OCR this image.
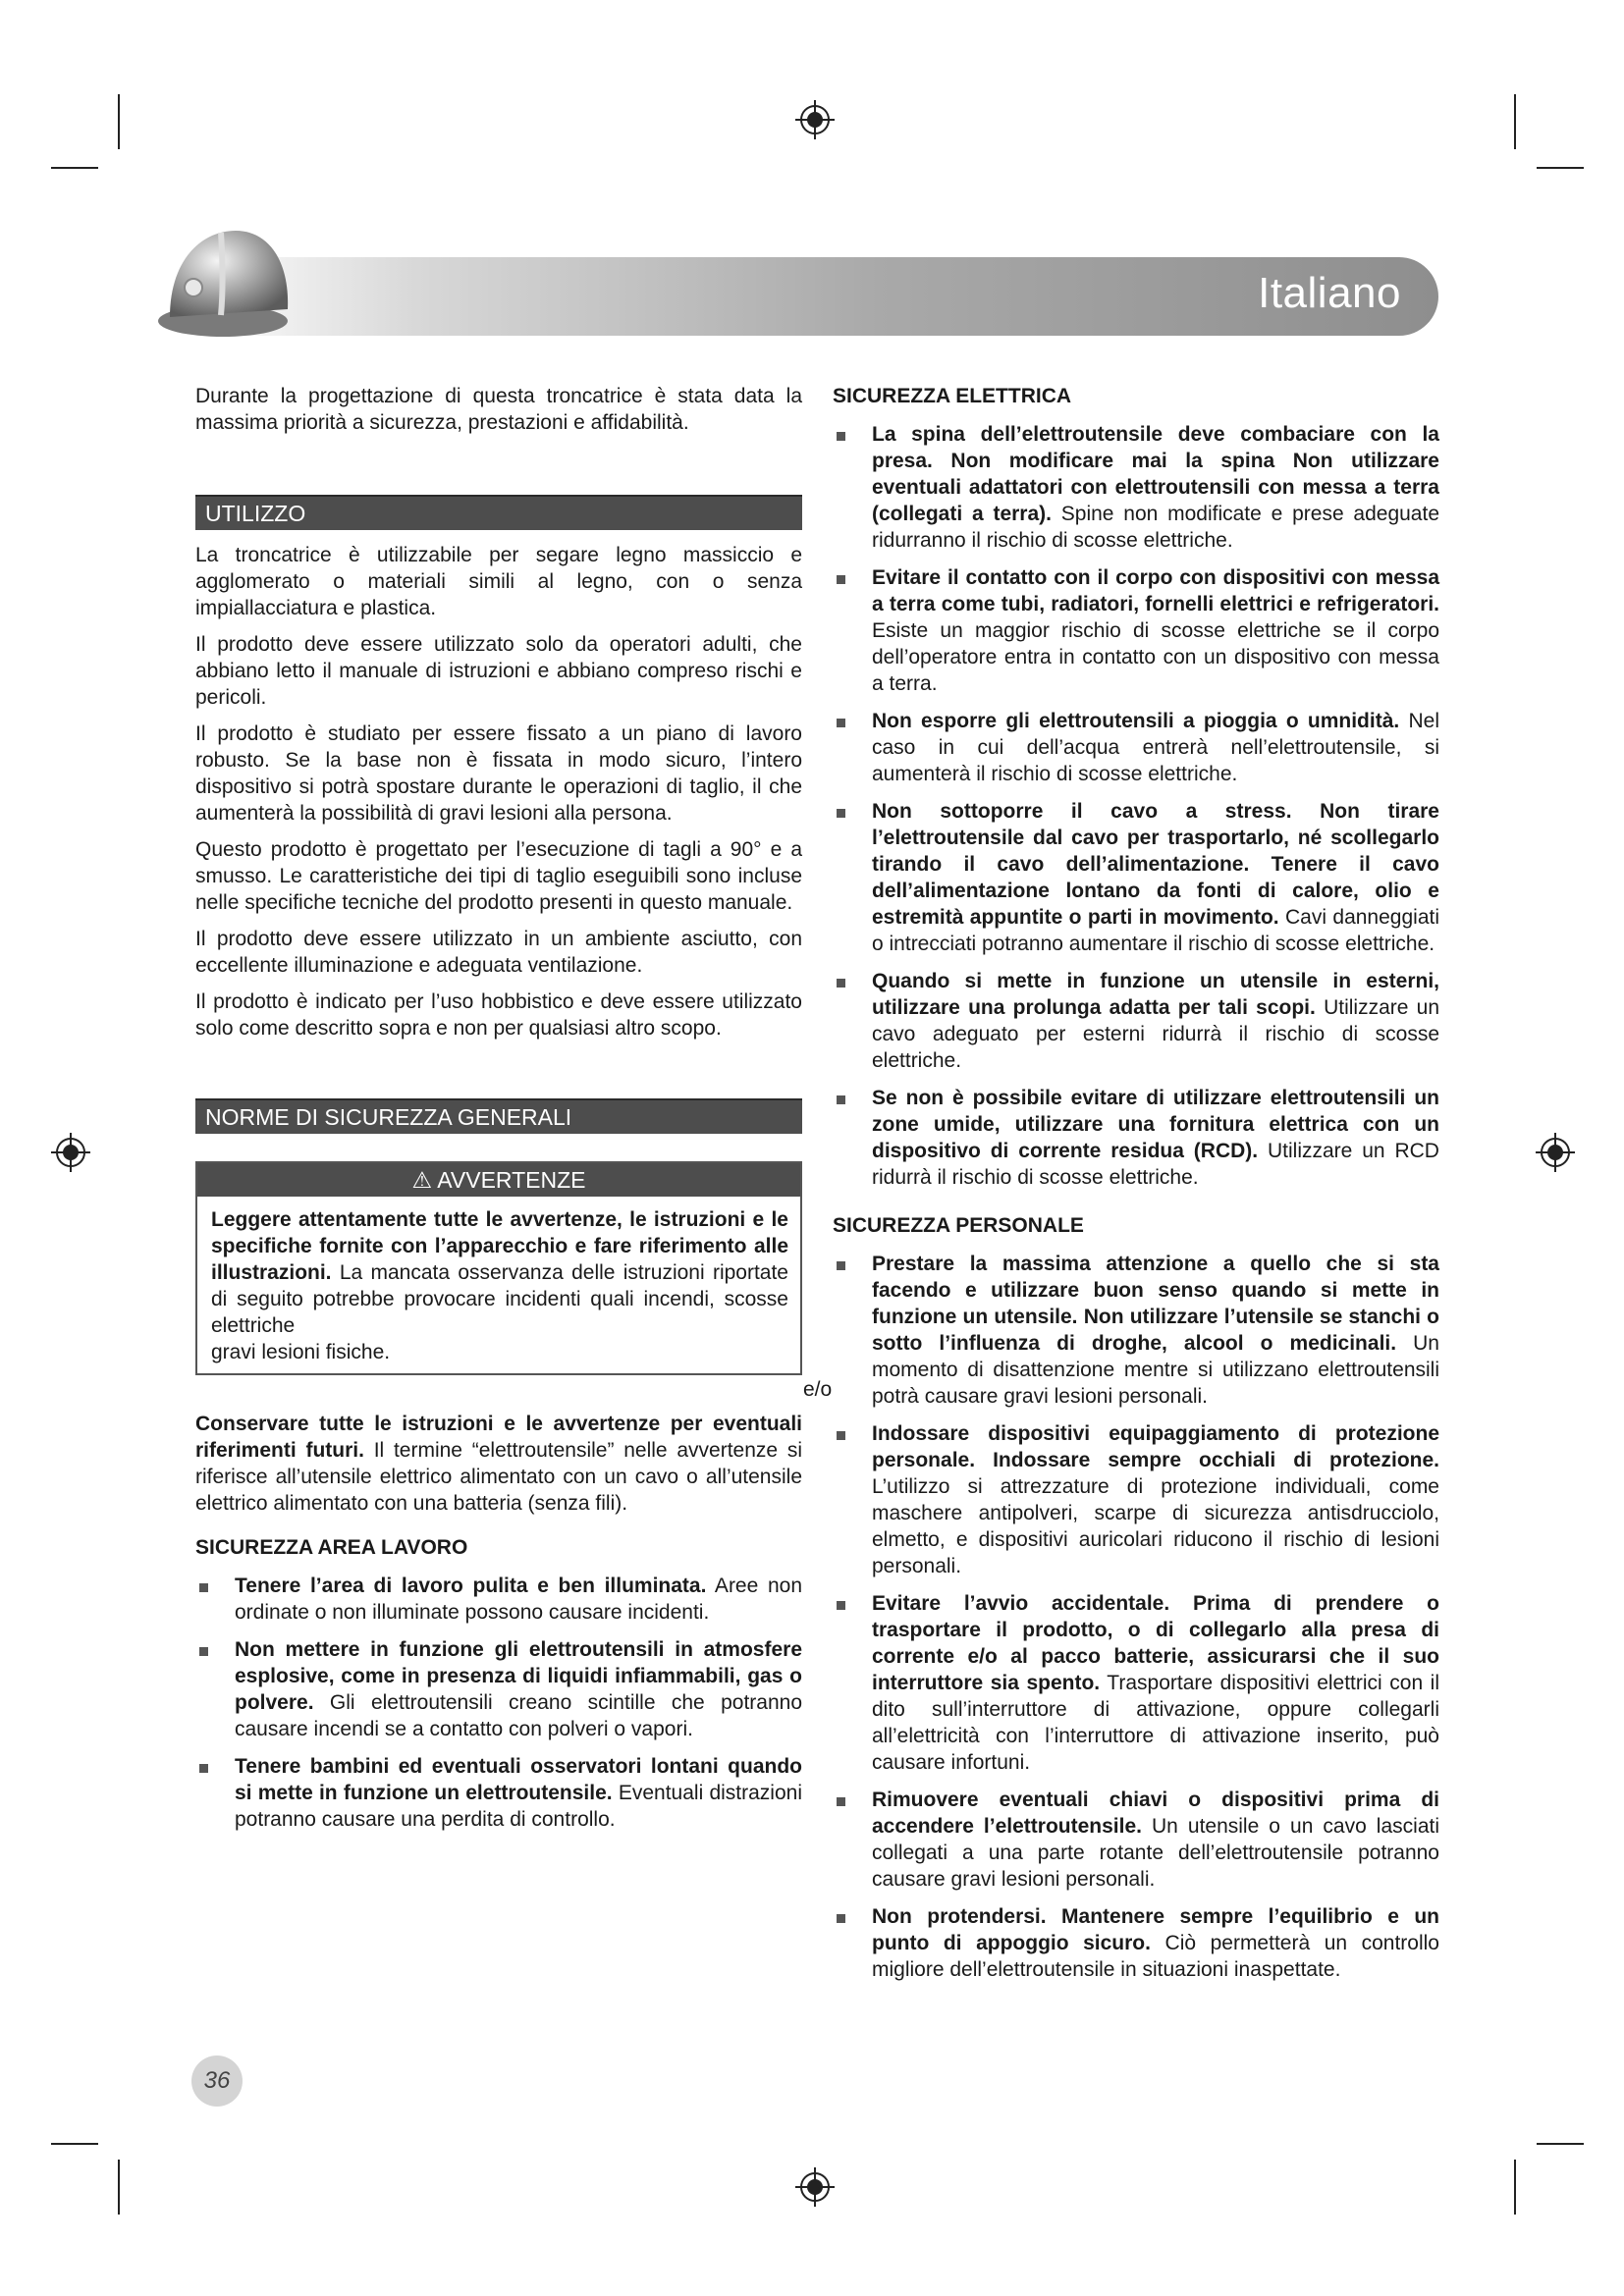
Italiano

Durante la progettazione di questa troncatrice è stata data la massima priorità a sicurezza, prestazioni e affidabilità.

UTILIZZO

La troncatrice è utilizzabile per segare legno massiccio e agglomerato o materiali simili al legno, con o senza impiallacciatura e plastica.

Il prodotto deve essere utilizzato solo da operatori adulti, che abbiano letto il manuale di istruzioni e abbiano compreso rischi e pericoli.

Il prodotto è studiato per essere fissato a un piano di lavoro robusto. Se la base non è fissata in modo sicuro, l’intero dispositivo si potrà spostare durante le operazioni di taglio, il che aumenterà la possibilità di gravi lesioni alla persona.

Questo prodotto è progettato per l’esecuzione di tagli a 90° e a smusso. Le caratteristiche dei tipi di taglio eseguibili sono incluse nelle specifiche tecniche del prodotto presenti in questo manuale.

Il prodotto deve essere utilizzato in un ambiente asciutto, con eccellente illuminazione e adeguata ventilazione.

Il prodotto è indicato per l’uso hobbistico e deve essere utilizzato solo come descritto sopra e non per qualsiasi altro scopo.

NORME DI SICUREZZA GENERALI
⚠ AVVERTENZE
Leggere attentamente tutte le avvertenze, le istruzioni e le specifiche fornite con l’apparecchio e fare riferimento alle illustrazioni. La mancata osservanza delle istruzioni riportate di seguito potrebbe provocare incidenti quali incendi, scosse elettriche
gravi lesioni fisiche.

Conservare tutte le istruzioni e le avvertenze per eventuali riferimenti futuri. Il termine “elettroutensile” nelle avvertenze si riferisce all’utensile elettrico alimentato con un cavo o all’utensile elettrico alimentato con una batteria (senza fili).

SICUREZZA AREA LAVORO
Tenere l’area di lavoro pulita e ben illuminata. Aree non ordinate o non illuminate possono causare incidenti.
Non mettere in funzione gli elettroutensili in atmosfere esplosive, come in presenza di liquidi infiammabili, gas o polvere. Gli elettroutensili creano scintille che potranno causare incendi se a contatto con polveri o vapori.
Tenere bambini ed eventuali osservatori lontani quando si mette in funzione un elettroutensile. Eventuali distrazioni potranno causare una perdita di controllo.
e/o
SICUREZZA ELETTRICA
La spina dell’elettroutensile deve combaciare con la presa. Non modificare mai la spina Non utilizzare eventuali adattatori con elettroutensili con messa a terra (collegati a terra). Spine non modificate e prese adeguate ridurranno il rischio di scosse elettriche.
Evitare il contatto con il corpo con dispositivi con messa a terra come tubi, radiatori, fornelli elettrici e refrigeratori. Esiste un maggior rischio di scosse elettriche se il corpo dell’operatore entra in contatto con un dispositivo con messa a terra.
Non esporre gli elettroutensili a pioggia o umnidità. Nel caso in cui dell’acqua entrerà nell’elettroutensile, si aumenterà il rischio di scosse elettriche.
Non sottoporre il cavo a stress. Non tirare l’elettroutensile dal cavo per trasportarlo, né scollegarlo tirando il cavo dell’alimentazione. Tenere il cavo dell’alimentazione lontano da fonti di calore, olio e estremità appuntite o parti in movimento. Cavi danneggiati o intrecciati potranno aumentare il rischio di scosse elettriche.
Quando si mette in funzione un utensile in esterni, utilizzare una prolunga adatta per tali scopi. Utilizzare un cavo adeguato per esterni ridurrà il rischio di scosse elettriche.
Se non è possibile evitare di utilizzare elettroutensili un zone umide, utilizzare una fornitura elettrica con un dispositivo di corrente residua (RCD). Utilizzare un RCD ridurrà il rischio di scosse elettriche.
SICUREZZA PERSONALE
Prestare la massima attenzione a quello che si sta facendo e utilizzare buon senso quando si mette in funzione un utensile. Non utilizzare l’utensile se stanchi o sotto l’influenza di droghe, alcool o medicinali. Un momento di disattenzione mentre si utilizzano elettroutensili potrà causare gravi lesioni personali.
Indossare dispositivi equipaggiamento di protezione personale. Indossare sempre occhiali di protezione. L’utilizzo si attrezzature di protezione individuali, come maschere antipolveri, scarpe di sicurezza antisdrucciolo, elmetto, e dispositivi auricolari riducono il rischio di lesioni personali.
Evitare l’avvio accidentale. Prima di prendere o trasportare il prodotto, o di collegarlo alla presa di corrente e/o al pacco batterie, assicurarsi che il suo interruttore sia spento. Trasportare dispositivi elettrici con il dito sull’interruttore di attivazione, oppure collegarli all’elettricità con l’interruttore di attivazione inserito, può causare infortuni.
Rimuovere eventuali chiavi o dispositivi prima di accendere l’elettroutensile. Un utensile o un cavo lasciati collegati a una parte rotante dell’elettroutensile potranno causare gravi lesioni personali.
Non protendersi. Mantenere sempre l’equilibrio e un punto di appoggio sicuro. Ciò permetterà un controllo migliore dell’elettroutensile in situazioni inaspettate.
36
